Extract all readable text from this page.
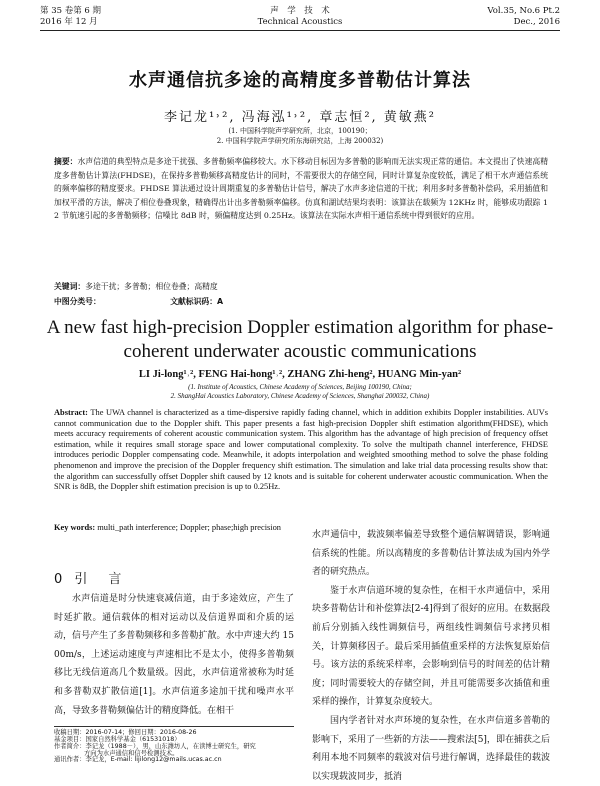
第 35 卷第 6 期	声　学　技　术	Vol.35, No.6 Pt.2
2016 年 12 月	Technical Acoustics	Dec., 2016
水声通信抗多途的高精度多普勒估计算法
李记龙¹˒², 冯海泓¹˒², 章志恒², 黄敏燕²
(1. 中国科学院声学研究所，北京，100190；
2. 中国科学院声学研究所东海研究站，上海 200032)
摘要：水声信道的典型特点是多途干扰强、多普勒频率偏移较大。水下移动目标因为多普勒的影响而无法实现正常的通信。本文提出了快速高精度多普勒估计算法(FHDSE)，在保持多普勒频移高精度估计的同时，不需要很大的存储空间，同时计算复杂度较低，满足了相干水声通信系统的频率偏移的精度要求。FHDSE 算法通过设计周期重复的多普勒估计信号，解决了水声多途信道的干扰；利用多时多普勒补偿码，采用插值和加权平滑的方法，解决了相位卷叠现象，精确得出计出多普勒频率偏移。仿真和湖试结果均表明：该算法在载频为 12KHz 时，能够成功跟踪 12 节航速引起的多普勒频移；信噪比 8dB 时，频偏精度达到 0.25Hz。该算法在实际水声相干通信系统中得到很好的应用。
关键词：多途干扰；多普勒；相位卷叠；高精度
中图分类号：	文献标识码：A
A new fast high-precision Doppler estimation algorithm for phase-coherent underwater acoustic communications
LI Ji-long¹˒², FENG Hai-hong¹˒², ZHANG Zhi-heng², HUANG Min-yan²
(1. Institute of Acoustics, Chinese Academy of Sciences, Beijing 100190, China;
2. ShangHai Acoustics Laboratory, Chinese Academy of Sciences, Shanghai 200032, China)
Abstract: The UWA channel is characterized as a time-dispersive rapidly fading channel, which in addition exhibits Doppler instabilities. AUVs cannot communication due to the Doppler shift. This paper presents a fast high-precision Doppler shift estimation algorithm(FHDSE), which meets accuracy requirements of coherent acoustic communication system. This algorithm has the advantage of high precision of frequency offset estimation, while it requires small storage space and lower computational complexity. To solve the multipath channel interference, FHDSE introduces periodic Doppler compensating code. Meanwhile, it adopts interpolation and weighted smoothing method to solve the phase folding phenomenon and improve the precision of the Doppler frequency shift estimation. The simulation and lake trial data processing results show that: the algorithm can successfully offset Doppler shift caused by 12 knots and is suitable for coherent underwater acoustic communication. When the SNR is 8dB, the Doppler shift estimation precision is up to 0.25Hz.
Key words: multi_path interference; Doppler; phase;high precision
0 引　言

水声信道是时分快速衰减信道，由于多途效应，产生了时延扩散。通信载体的相对运动以及信道界面和介质的运动，信号产生了多普勒频移和多普勒扩散。水中声速大约 1500m/s，上述运动速度与声速相比不是太小，使得多普勒频移比无线信道高几个数量级。因此，水声信道常被称为时延和多普勒双扩散信道[1]。水声信道多途加干扰和噪声水平高，导致多普勒频偏估计的精度降低。在相干

收稿日期：2016-07-14；修回日期：2016-08-26
基金项目：国家自然科学基金（61531018）
作者简介：李记龙（1988－），男，山东潍坊人，在读博士研究生，研究
方向为水声通信和信号检测技术。
通讯作者：李记龙，E-mail: lijilong12@mails.ucas.ac.cn

水声通信中，载波频率偏差导致整个通信解调错误，影响通信系统的性能。所以高精度的多普勒估计算法成为国内外学者的研究热点。

鉴于水声信道环境的复杂性，在相干水声通信中，采用块多普勒估计和补偿算法[2-4]得到了很好的应用。在数据段前后分别插入线性调频信号，两组线性调频信号求拷贝相关，计算频移因子。最后采用插值重采样的方法恢复原始信号。该方法的系统采样率，会影响到信号的时间差的估计精度；同时需要较大的存储空间，并且可能需要多次插值和重采样的操作，计算复杂度较大。

国内学者针对水声环境的复杂性，在水声信道多普勒的影响下，采用了一些新的方法——搜索法[5]，即在捕获之后利用本地不同频率的载波对信号进行解调，选择最佳的载波以实现载波同步，抵消
